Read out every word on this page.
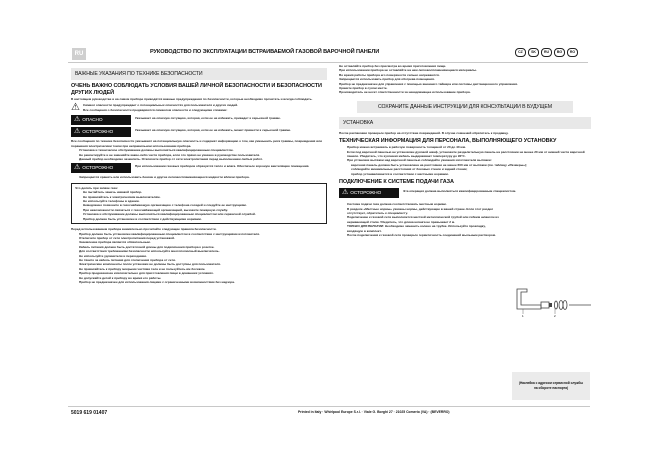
RU	РУКОВОДСТВО ПО ЭКСПЛУАТАЦИИ ВСТРАИВАЕМОЙ ГАЗОВОЙ ВАРОЧНОЙ ПАНЕЛИ	CZ	SK	RU	BG	RO
ВАЖНЫЕ УКАЗАНИЯ ПО ТЕХНИКЕ БЕЗОПАСНОСТИ
ОЧЕНЬ ВАЖНО СОБЛЮДАТЬ УСЛОВИЯ ВАШЕЙ ЛИЧНОЙ БЕЗОПАСНОСТИ И БЕЗОПАСНОСТИ ДРУГИХ ЛЮДЕЙ
В настоящем руководстве и на самом приборе приводятся важные предупреждения по безопасности, которые необходимо прочитать и всегда соблюдать.
⚠ Символ опасности предупреждает о потенциальных опасностях для пользователя и других людей.
Все сообщения о безопасности предваряются символом опасности и следующими словами:
⚠ ОПАСНО	Указывает на опасную ситуацию, которая, если ее не избежать, приведет к серьезной травме.
⚠ ОСТОРОЖНО	Указывает на опасную ситуацию, которая, если ее не избежать, может привести к серьезной травме.
Все сообщения по технике безопасности указывают на потенциальную опасность и содержат информацию о том, как уменьшить риск травмы, повреждения или поражения электрическим током при неправильном использовании прибора.
Установка и техническое обслуживание должны выполняться квалифицированным специалистом.
Не ремонтируйте и не заменяйте какие-либо части прибора, если это прямо не указано в руководстве пользователя.
Данный прибор необходимо заземлить. Отключите прибор от сети электропитания перед выполнением любых работ.
⚠ ОСТОРОЖНО	При использовании газовых приборов образуется тепло и влага. Обеспечьте хорошую вентиляцию помещения.
Запрещается хранить или использовать бензин и другие легковоспламеняющиеся жидкости вблизи прибора.
Что делать при запахе газа:
Не пытайтесь зажечь никакой прибор.
Не прикасайтесь к электрическим выключателям.
Не используйте телефоны в здании.
Немедленно позвоните в газоснабжающую организацию с телефона соседей и следуйте ее инструкциям.
При невозможности связаться с газоснабжающей организацией, вызовите пожарную службу.
Установка и обслуживание должны выполняться квалифицированным специалистом или сервисной службой.
Прибор должен быть установлен в соответствии с действующими нормами.
Перед использованием прибора внимательно прочитайте следующие правила безопасности.
Прибор должен быть установлен квалифицированным специалистом в соответствии с инструкциями изготовителя.
Отключите прибор от сети электропитания перед установкой.
Заземление прибора является обязательным.
Кабель питания должен быть достаточной длины для подключения прибора к розетке.
Для соответствия требованиям безопасности используйте многополюсный выключатель.
Не используйте удлинители и переходники.
Не тяните за кабель питания для отключения прибора от сети.
Электрические компоненты после установки не должны быть доступны для пользователя.
Не прикасайтесь к прибору мокрыми частями тела и не пользуйтесь им босиком.
Прибор предназначен исключительно для приготовления пищи в домашних условиях.
Не допускайте детей к прибору во время его работы.
Прибор не предназначен для использования лицами с ограниченными возможностями без надзора.
Не оставляйте прибор без присмотра во время приготовления пищи.
При использовании прибора не оставляйте на нем легковоспламеняющиеся материалы.
Во время работы прибора его поверхности сильно нагреваются.
Запрещается использовать прибор для обогрева помещения.
Прибор не предназначен для управления с помощью внешнего таймера или системы дистанционного управления.
Храните прибор в сухом месте.
Производитель не несет ответственности за ненадлежащее использование прибора.
СОХРАНИТЕ ДАННЫЕ ИНСТРУКЦИИ ДЛЯ КОНСУЛЬТАЦИИ В БУДУЩЕМ
УСТАНОВКА
После распаковки проверьте прибор на отсутствие повреждений. В случае сомнений обратитесь к продавцу.
ТЕХНИЧЕСКАЯ ИНФОРМАЦИЯ ДЛЯ ПЕРСОНАЛА, ВЫПОЛНЯЮЩЕГО УСТАНОВКУ
Прибор можно встраивать в рабочую поверхность толщиной от 20 до 40 мм.
Если под варочной панелью не установлен духовой шкаф, установите разделительную панель на расстоянии не менее 20 мм от нижней части варочной панели. Убедитесь, что кухонная мебель выдерживает температуру до 90°C.
При установке вытяжки над варочной панелью соблюдайте указания изготовителя вытяжки:
варочная панель должна быть установлена на расстоянии не менее 600 мм от вытяжки (см. таблицу «Размеры»);
соблюдайте минимальные расстояния от боковых стенок и задней стенки;
прибор устанавливается в соответствии с местными нормами.
ПОДКЛЮЧЕНИЕ К СИСТЕМЕ ПОДАЧИ ГАЗА
⚠ ОСТОРОЖНО	Эта операция должна выполняться квалифицированным специалистом.
Система подачи газа должна соответствовать местным нормам.
В разделе «Местные нормы» указаны нормы, действующие в вашей стране. Если этот раздел отсутствует, обратитесь к специалисту.
Подключение к газовой сети выполняется жесткой металлической трубой или гибким шлангом из нержавеющей стали. Убедитесь, что длина шланга не превышает 2 м.
ТОЛЬКО ДЛЯ БЕЛЬГИИ: Необходимо заменить колено на трубке. Используйте прокладку, входящую в комплект.
После подключения к газовой сети проверьте герметичность соединений мыльным раствором.
1	2
(Наклейка с адресом сервисной службы на обороте паспорта)
5019 619 01407	Printed in Italy · Whirlpool Europe S.r.l. · Viale G. Borghi 27 · 21025 Comerio (VA) · (BEVERRO)
